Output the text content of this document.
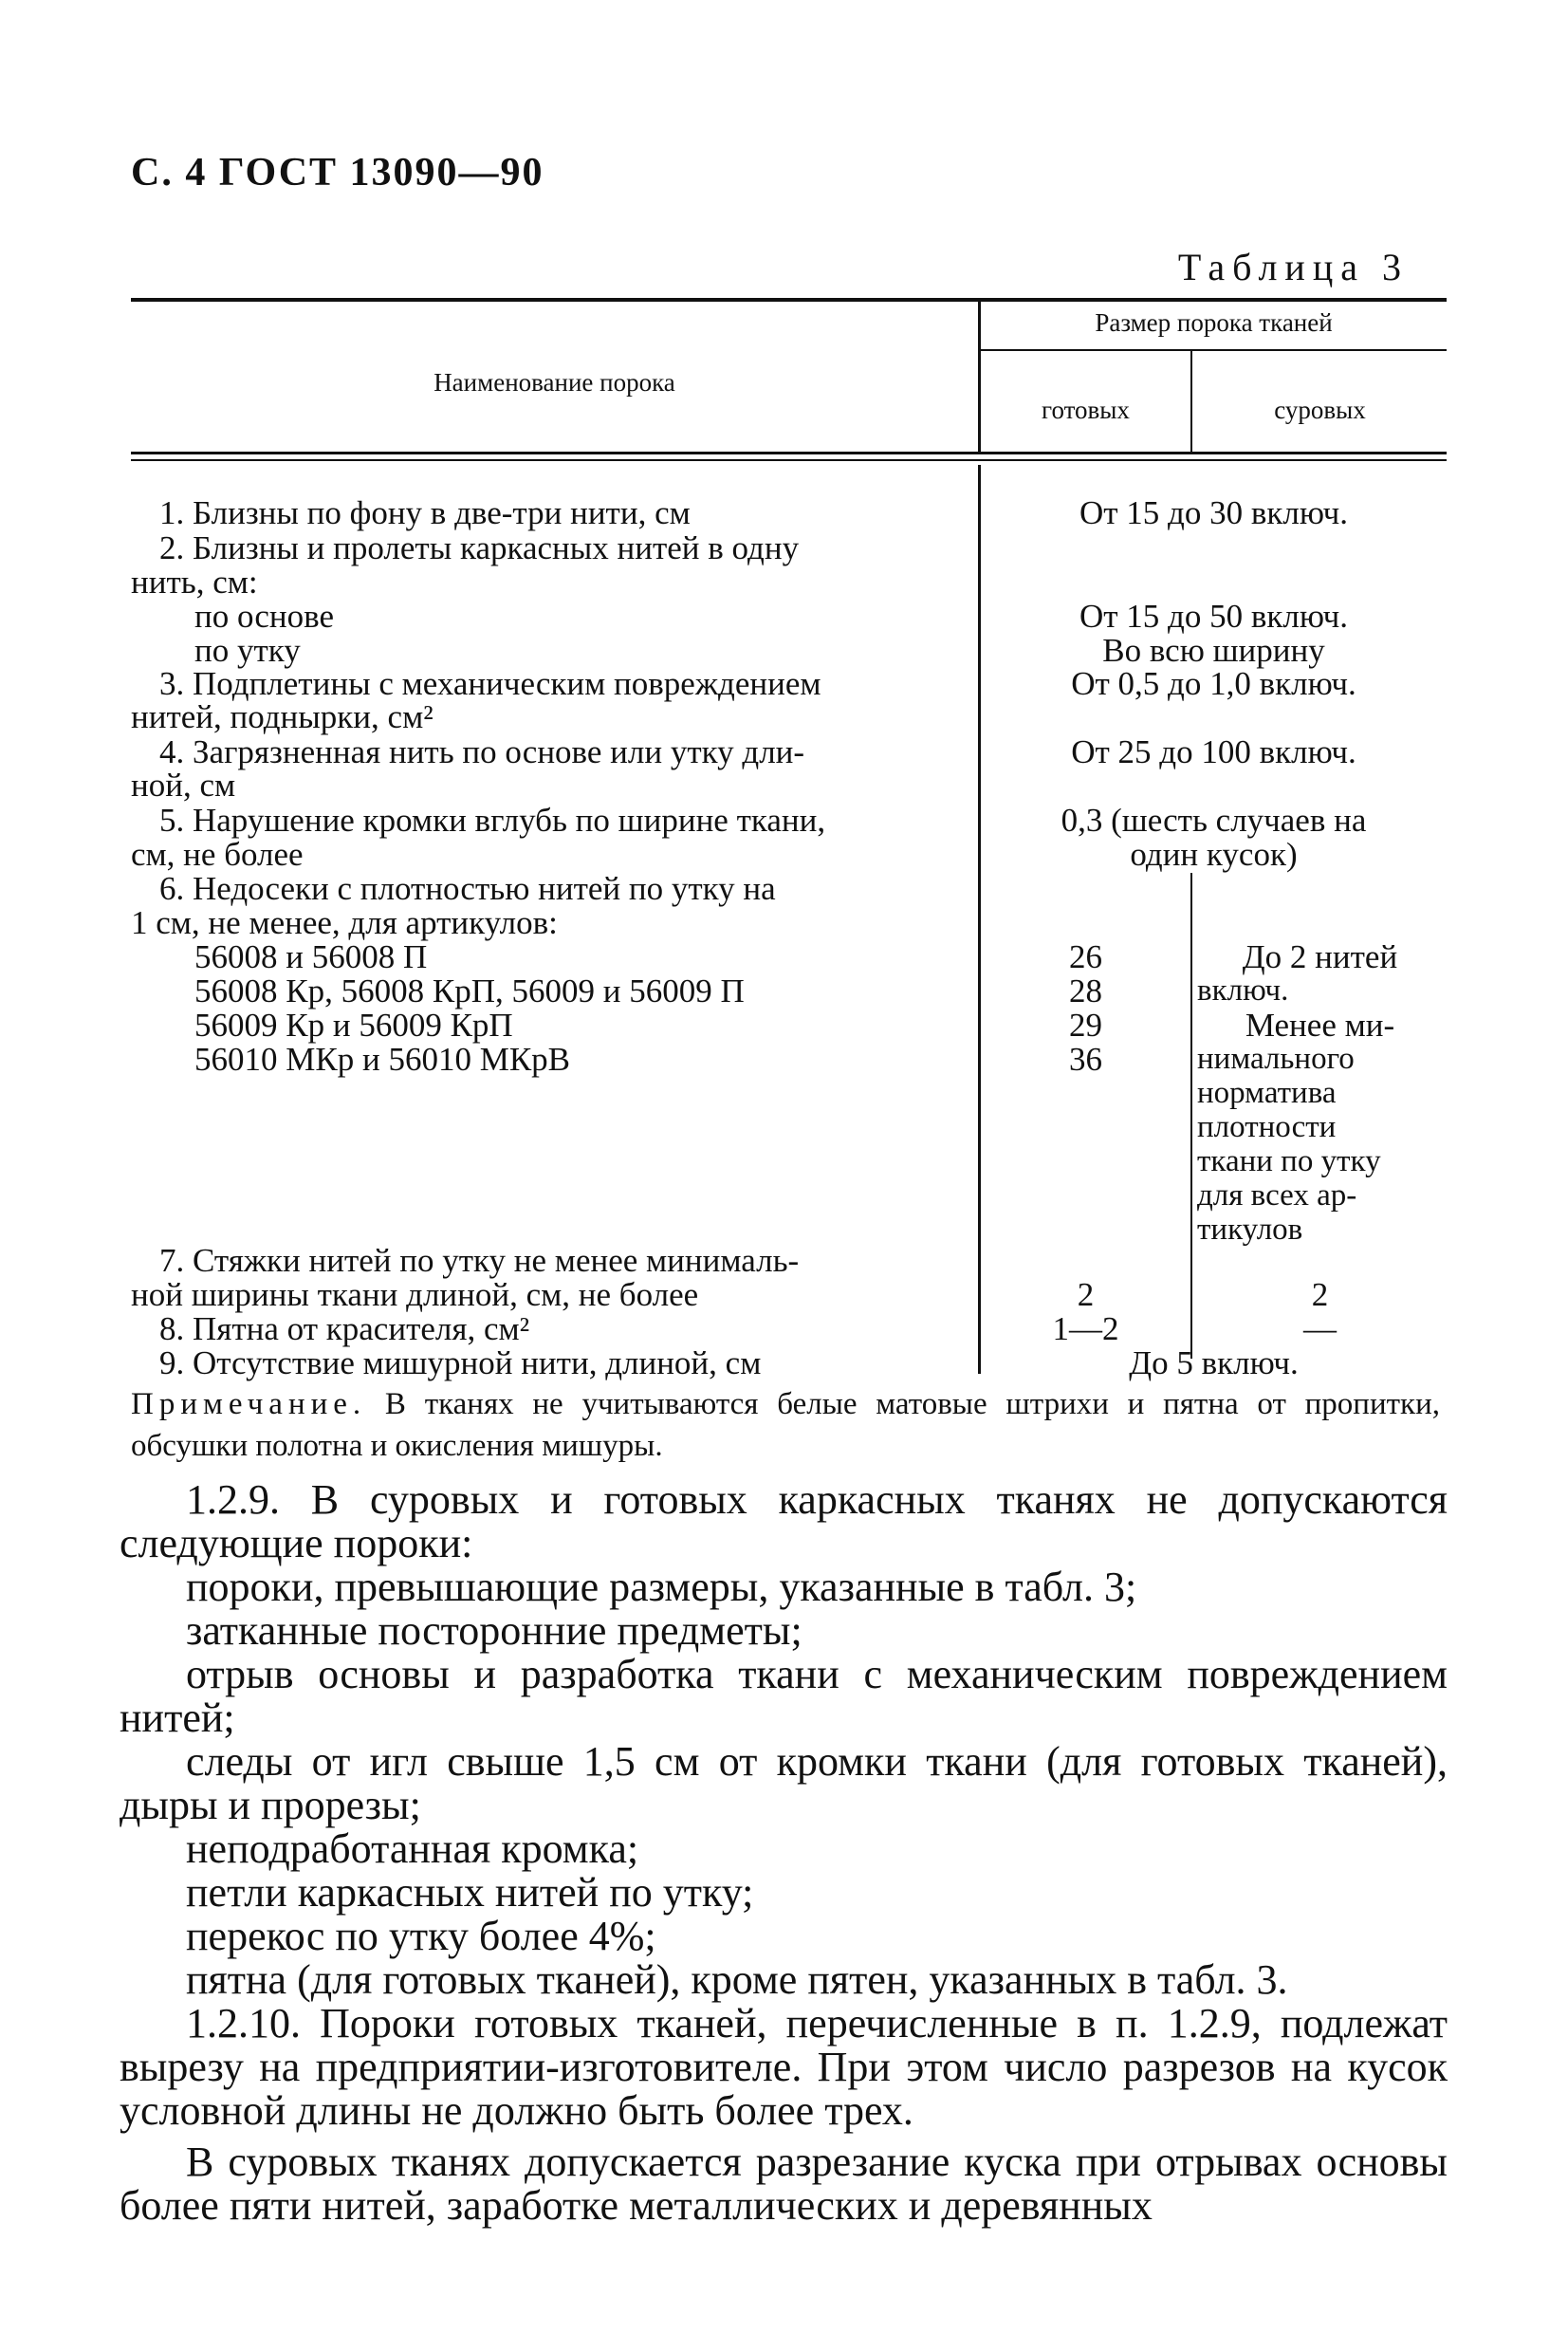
С. 4 ГОСТ 13090—90
Таблица 3
Наименование порока
Размер порока тканей
готовых	суровых
1. Близны по фону в две-три нити, см
2. Близны и пролеты каркасных нитей в одну
нить, см:
по основе
по утку
3. Подплетины с механическим повреждением
нитей, поднырки, см²
4. Загрязненная нить по основе или утку дли-
ной, см
5. Нарушение кромки вглубь по ширине ткани,
см, не более
6. Недосеки с плотностью нитей по утку на
1 см, не менее, для артикулов:
56008 и 56008 П
56008 Кр, 56008 КрП, 56009 и 56009 П
56009 Кр и 56009 КрП
56010 МКр и 56010 МКрВ
7. Стяжки нитей по утку не менее минималь-
ной ширины ткани длиной, см, не более
8. Пятна от красителя, см²
9. Отсутствие мишурной нити, длиной, см
От 15 до 30 включ.
От 15 до 50 включ.
Во всю ширину
От 0,5 до 1,0 включ.
От 25 до 100 включ.
0,3 (шесть случаев на
один кусок)
26
28
29
36
2
1—2
До 2 нитей
включ.
Менее ми-
нимального
норматива
плотности
ткани по утку
для всех ар-
тикулов
2
—
До 5 включ.
Примечание. В тканях не учитываются белые матовые штрихи и пятна от пропитки, обсушки полотна и окисления мишуры.

1.2.9. В суровых и готовых каркасных тканях не допускаются следующие пороки:

пороки, превышающие размеры, указанные в табл. 3;

затканные посторонние предметы;

отрыв основы и разработка ткани с механическим повреждением нитей;

следы от игл свыше 1,5 см от кромки ткани (для готовых тканей), дыры и прорезы;

неподработанная кромка;

петли каркасных нитей по утку;

перекос по утку более 4%;

пятна (для готовых тканей), кроме пятен, указанных в табл. 3.

1.2.10. Пороки готовых тканей, перечисленные в п. 1.2.9, подлежат вырезу на предприятии-изготовителе. При этом число разрезов на кусок условной длины не должно быть более трех.

В суровых тканях допускается разрезание куска при отрывах основы более пяти нитей, заработке металлических и деревянных
